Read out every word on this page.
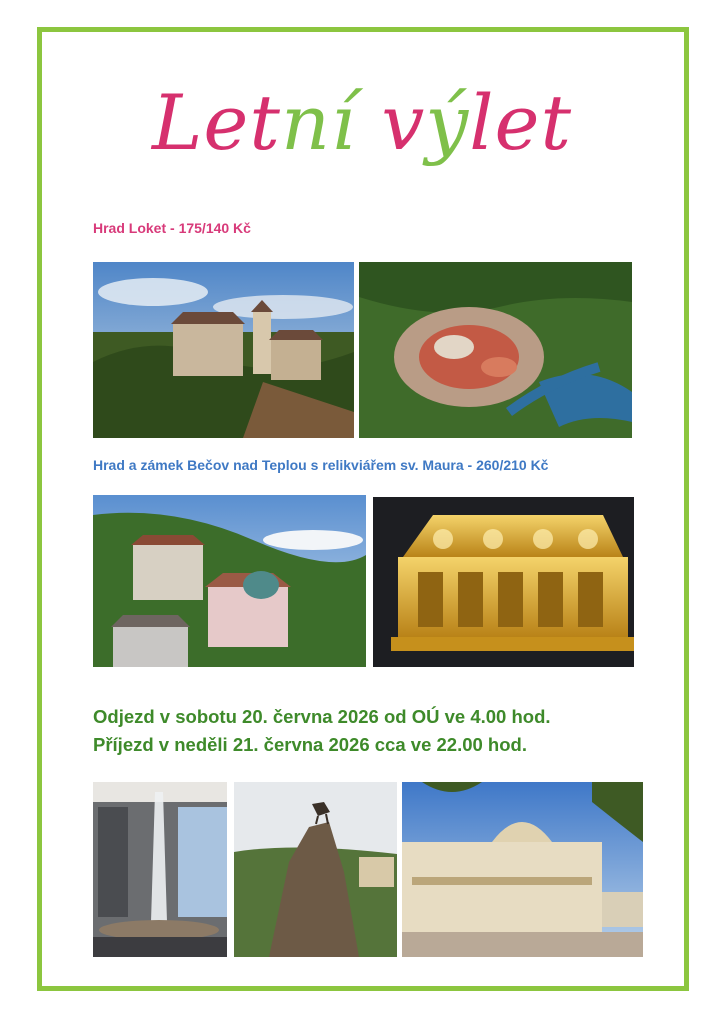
Letní výlet
Hrad Loket - 175/140 Kč
Hrad a zámek Bečov nad Teplou s relikviářem sv. Maura - 260/210 Kč
Odjezd v sobotu 20. června 2026 od OÚ ve 4.00 hod.
Příjezd v neděli 21. června 2026 cca ve 22.00 hod.
